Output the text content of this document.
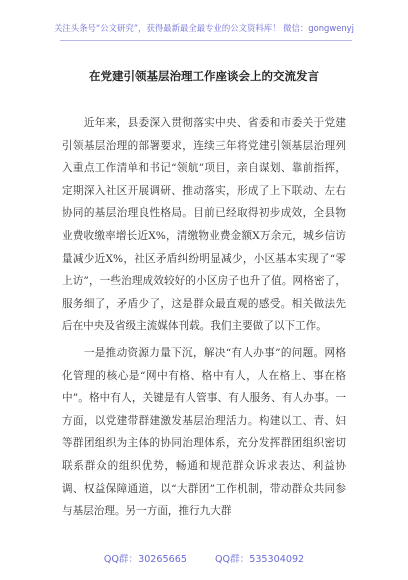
关注头条号“公文研究”，获得最新最全最专业的公文资料库！ 微信：gongwenyj
在党建引领基层治理工作座谈会上的交流发言

　　近年来，县委深入贯彻落实中央、省委和市委关于党建引领基层治理的部署要求，连续三年将党建引领基层治理列入重点工作清单和书记“领航”项目，亲自谋划、靠前指挥，定期深入社区开展调研、推动落实，形成了上下联动、左右协同的基层治理良性格局。目前已经取得初步成效，全县物业费收缴率增长近X%，清缴物业费金额X万余元，城乡信访量减少近X%，社区矛盾纠纷明显减少，小区基本实现了“零上访”，一些治理成效较好的小区房子也升了值。网格密了，服务细了，矛盾少了，这是群众最直观的感受。相关做法先后在中央及省级主流媒体刊载。我们主要做了以下工作。

　　一是推动资源力量下沉，解决“有人办事”的问题。网格化管理的核心是“网中有格、格中有人，人在格上、事在格中”。格中有人，关键是有人管事、有人服务、有人办事。一方面，以党建带群建激发基层治理活力。构建以工、青、妇等群团组织为主体的协同治理体系，充分发挥群团组织密切联系群众的组织优势，畅通和规范群众诉求表达、利益协调、权益保障通道，以“大群团”工作机制，带动群众共同参与基层治理。另一方面，推行九大群

QQ群：30265665	QQ群：535304092
